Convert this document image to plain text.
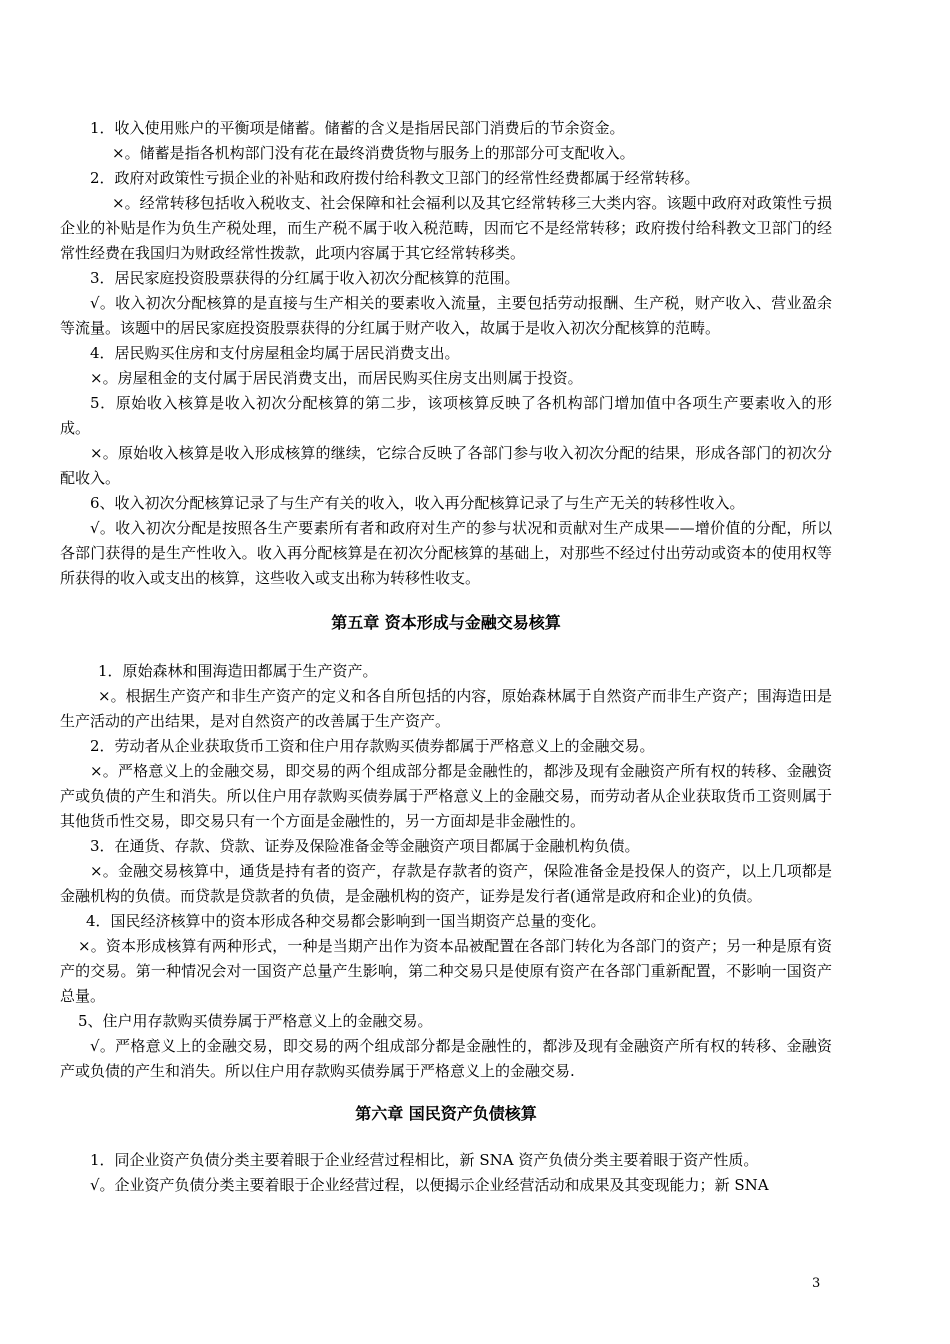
1．收入使用账户的平衡项是储蓄。储蓄的含义是指居民部门消费后的节余资金。

×。储蓄是指各机构部门没有花在最终消费货物与服务上的那部分可支配收入。

2．政府对政策性亏损企业的补贴和政府拨付给科教文卫部门的经常性经费都属于经常转移。

×。经常转移包括收入税收支、社会保障和社会福利以及其它经常转移三大类内容。该题中政府对政策性亏损企业的补贴是作为负生产税处理，而生产税不属于收入税范畴，因而它不是经常转移；政府拨付给科教文卫部门的经常性经费在我国归为财政经常性拨款，此项内容属于其它经常转移类。

3．居民家庭投资股票获得的分红属于收入初次分配核算的范围。

√。收入初次分配核算的是直接与生产相关的要素收入流量，主要包括劳动报酬、生产税，财产收入、营业盈余等流量。该题中的居民家庭投资股票获得的分红属于财产收入，故属于是收入初次分配核算的范畴。

4．居民购买住房和支付房屋租金均属于居民消费支出。

×。房屋租金的支付属于居民消费支出，而居民购买住房支出则属于投资。

5．原始收入核算是收入初次分配核算的第二步，该项核算反映了各机构部门增加值中各项生产要素收入的形成。

×。原始收入核算是收入形成核算的继续，它综合反映了各部门参与收入初次分配的结果，形成各部门的初次分配收入。

6、收入初次分配核算记录了与生产有关的收入，收入再分配核算记录了与生产无关的转移性收入。

√。收入初次分配是按照各生产要素所有者和政府对生产的参与状况和贡献对生产成果——增价值的分配，所以各部门获得的是生产性收入。收入再分配核算是在初次分配核算的基础上，对那些不经过付出劳动或资本的使用权等所获得的收入或支出的核算，这些收入或支出称为转移性收支。

第五章 资本形成与金融交易核算

1．原始森林和围海造田都属于生产资产。

×。根据生产资产和非生产资产的定义和各自所包括的内容，原始森林属于自然资产而非生产资产；围海造田是生产活动的产出结果，是对自然资产的改善属于生产资产。

2．劳动者从企业获取货币工资和住户用存款购买债券都属于严格意义上的金融交易。

×。严格意义上的金融交易，即交易的两个组成部分都是金融性的，都涉及现有金融资产所有权的转移、金融资产或负债的产生和消失。所以住户用存款购买债券属于严格意义上的金融交易，而劳动者从企业获取货币工资则属于其他货币性交易，即交易只有一个方面是金融性的，另一方面却是非金融性的。

3．在通货、存款、贷款、证券及保险准备金等金融资产项目都属于金融机构负债。

×。金融交易核算中，通货是持有者的资产，存款是存款者的资产，保险准备金是投保人的资产，以上几项都是金融机构的负债。而贷款是贷款者的负债，是金融机构的资产，证券是发行者(通常是政府和企业)的负债。

4．国民经济核算中的资本形成各种交易都会影响到一国当期资产总量的变化。

×。资本形成核算有两种形式，一种是当期产出作为资本品被配置在各部门转化为各部门的资产；另一种是原有资产的交易。第一种情况会对一国资产总量产生影响，第二种交易只是使原有资产在各部门重新配置，不影响一国资产总量。

5、住户用存款购买债券属于严格意义上的金融交易。

√。严格意义上的金融交易，即交易的两个组成部分都是金融性的，都涉及现有金融资产所有权的转移、金融资产或负债的产生和消失。所以住户用存款购买债券属于严格意义上的金融交易.

第六章 国民资产负债核算

1．同企业资产负债分类主要着眼于企业经营过程相比，新 SNA 资产负债分类主要着眼于资产性质。

√。企业资产负债分类主要着眼于企业经营过程，以便揭示企业经营活动和成果及其变现能力；新 SNA

3
